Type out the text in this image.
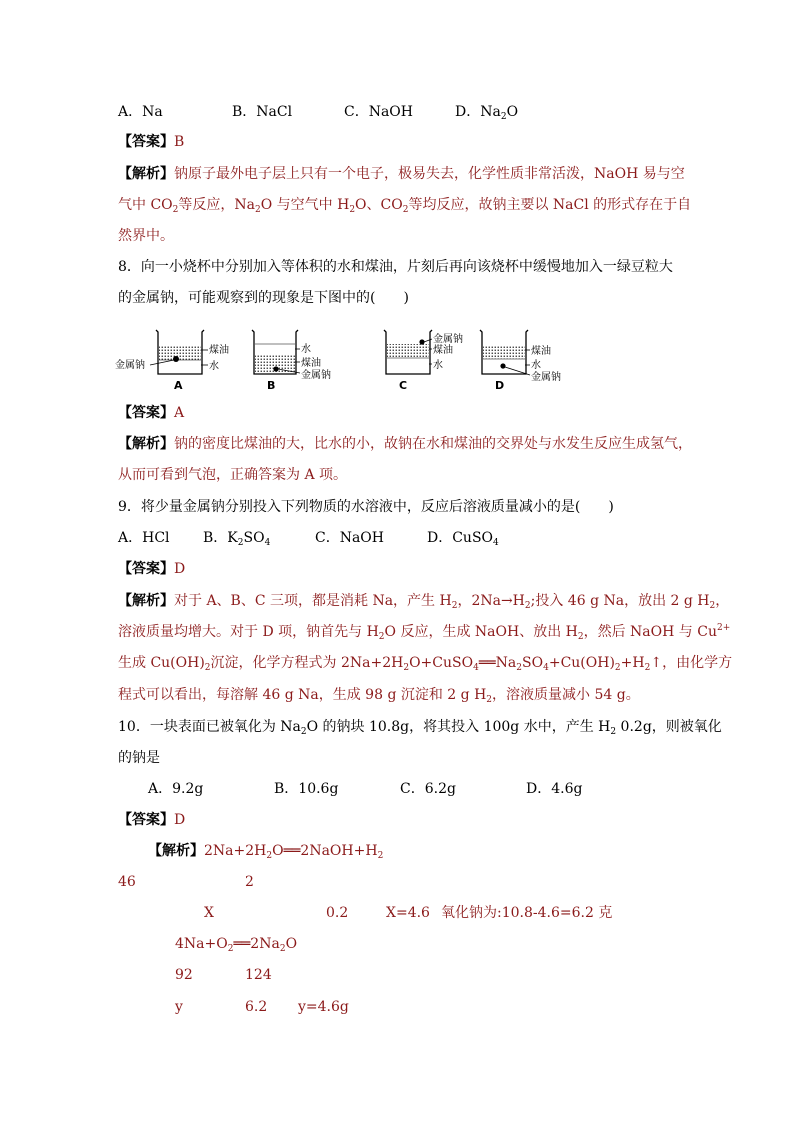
A．Na	B．NaCl	C．NaOH	D．$Na_2O$
【答案】B
【解析】钠原子最外电子层上只有一个电子，极易失去，化学性质非常活泼，NaOH 易与空
气中 $CO_2$等反应，$Na_2O$ 与空气中 $H_2O$、$CO_2$等均反应，故钠主要以 NaCl 的形式存在于自
然界中。
8．向一小烧杯中分别加入等体积的水和煤油，片刻后再向该烧杯中缓慢地加入一绿豆粒大
的金属钠，可能观察到的现象是下图中的(　　)
金属钠
煤油
水
A
水
煤油
金属钠
B
金属钠
煤油
水
C
煤油
水
金属钠
D
【答案】A
【解析】钠的密度比煤油的大，比水的小，故钠在水和煤油的交界处与水发生反应生成氢气，
从而可看到气泡，正确答案为 A 项。
9．将少量金属钠分别投入下列物质的水溶液中，反应后溶液质量减小的是(　　)
A．HCl B．$K_2SO_4$	C．NaOH	D．CuSO$_4$
【答案】D
【解析】对于 A、B、C 三项，都是消耗 Na，产生 $H_2$，$2Na\to H_2$;投入 46 g Na，放出 2 g $H_2$，
溶液质量均增大。对于 D 项，钠首先与 $H_2O$ 反应，生成 NaOH、放出 $H_2$，然后 NaOH 与 $Cu^{2+}$
生成 $Cu(OH)_2$沉淀，化学方程式为 $2Na+2H_2O+CuSO_4══Na_2SO_4+Cu(OH)_2+H_2↑$，由化学方
程式可以看出，每溶解 46 g Na，生成 98 g 沉淀和 2 g $H_2$，溶液质量减小 54 g。
10．一块表面已被氧化为 $Na_2O$ 的钠块 10.8g，将其投入 100g 水中，产生 $H_2$ 0.2g，则被氧化
的钠是
A．9.2g	B．10.6g	C．6.2g	D．4.6g
【答案】D
【解析】$2Na+2H_2O══2NaOH+H_2$
46	2
X	0.2	X=4.6 氧化钠为:10.8-4.6=6.2 克
$4Na+O_2══2Na_2O$
92	124
y	6.2 y=4.6g
